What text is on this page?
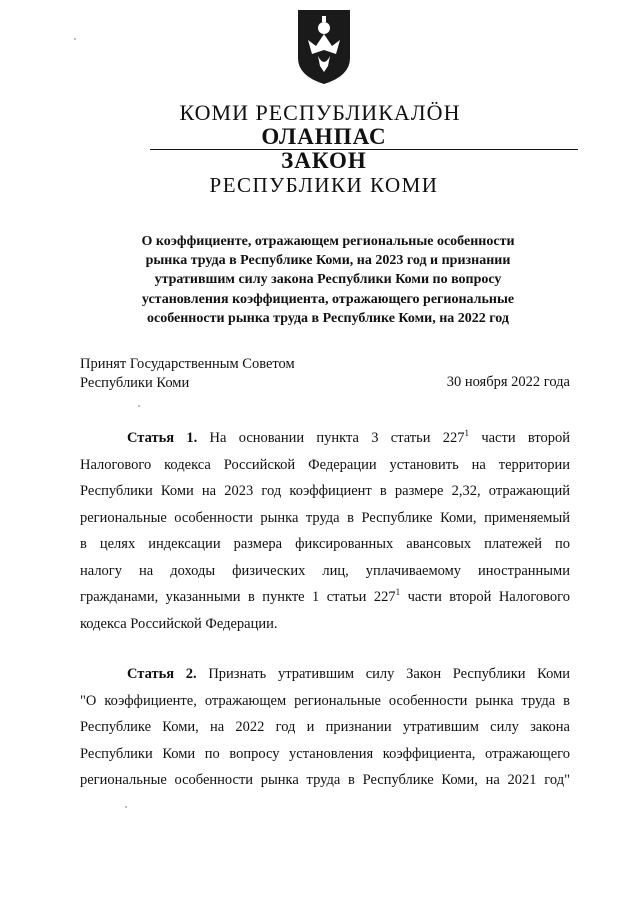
КОМИ РЕСПУБЛИКАЛÖН
ОЛАНПАС
ЗАКОН
РЕСПУБЛИКИ КОМИ
О коэффициенте, отражающем региональные особенности
рынка труда в Республике Коми, на 2023 год и признании
утратившим силу закона Республики Коми по вопросу
установления коэффициента, отражающего региональные
особенности рынка труда в Республике Коми, на 2022 год
Принят Государственным Советом
Республики Коми	30 ноября 2022 года
Статья 1. На основании пункта 3 статьи $227^1$ части второй
Налогового кодекса Российской Федерации установить на территории
Республики Коми на 2023 год коэффициент в размере 2,32, отражающий
региональные особенности рынка труда в Республике Коми, применяемый
в целях индексации размера фиксированных авансовых платежей по
налогу на доходы физических лиц, уплачиваемому иностранными
гражданами, указанными в пункте 1 статьи $227^1$ части второй Налогового
кодекса Российской Федерации.
Статья 2. Признать утратившим силу Закон Республики Коми
"О коэффициенте, отражающем региональные особенности рынка труда в
Республике Коми, на 2022 год и признании утратившим силу закона
Республики Коми по вопросу установления коэффициента, отражающего
региональные особенности рынка труда в Республике Коми, на 2021 год"
